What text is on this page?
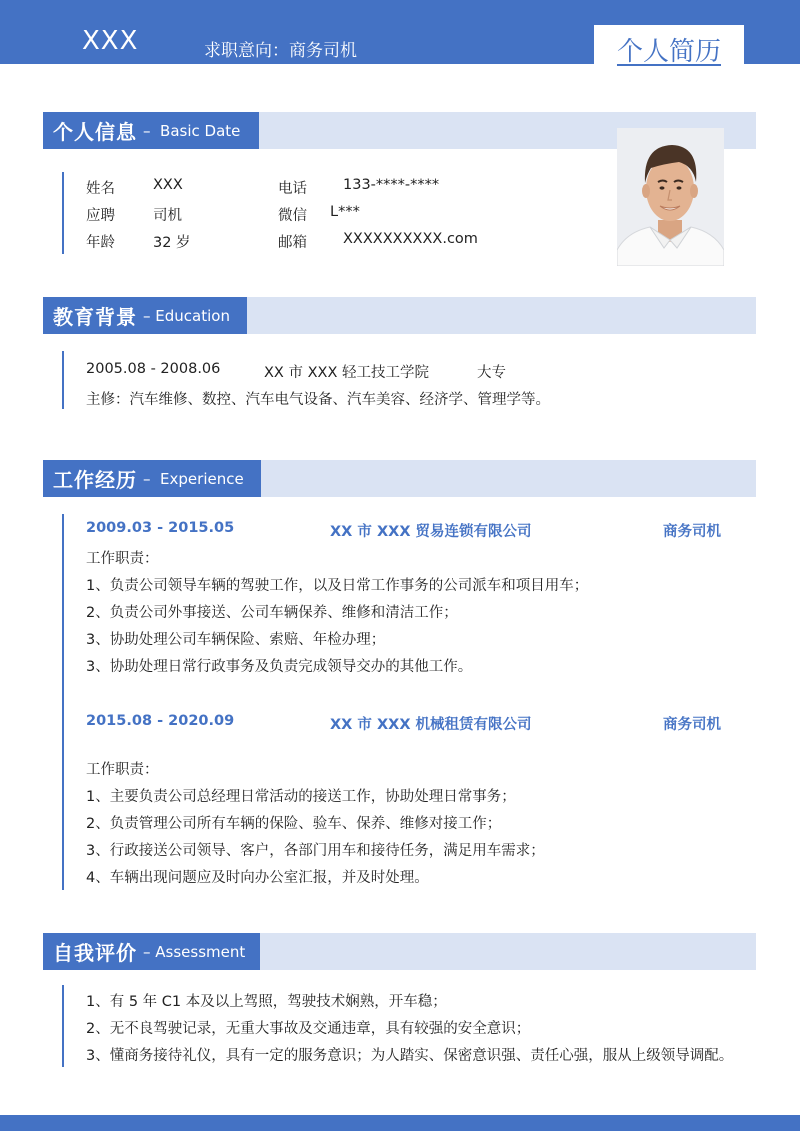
XXX	求职意向：商务司机	个人简历
个人信息 –  Basic Date
姓名	XXX	电话 133-****-****
应聘	司机	微信 L***
年龄	32 岁	邮箱 XXXXXXXXXX.com
教育背景 – Education
2005.08 - 2008.06	XX 市 XXX 轻工技工学院	大专
主修：汽车维修、数控、汽车电气设备、汽车美容、经济学、管理学等。
工作经历 –  Experience
2009.03 - 2015.05	XX 市 XXX 贸易连锁有限公司	商务司机
工作职责：
1、负责公司领导车辆的驾驶工作，以及日常工作事务的公司派车和项目用车；
2、负责公司外事接送、公司车辆保养、维修和清洁工作；
3、协助处理公司车辆保险、索赔、年检办理；
3、协助处理日常行政事务及负责完成领导交办的其他工作。
2015.08 - 2020.09	XX 市 XXX 机械租赁有限公司	商务司机
工作职责：
1、主要负责公司总经理日常活动的接送工作，协助处理日常事务；
2、负责管理公司所有车辆的保险、验车、保养、维修对接工作；
3、行政接送公司领导、客户，各部门用车和接待任务，满足用车需求；
4、车辆出现问题应及时向办公室汇报，并及时处理。
自我评价 – Assessment
1、有 5 年 C1 本及以上驾照，驾驶技术娴熟，开车稳；
2、无不良驾驶记录，无重大事故及交通违章，具有较强的安全意识；
3、懂商务接待礼仪，具有一定的服务意识；为人踏实、保密意识强、责任心强，服从上级领导调配。
